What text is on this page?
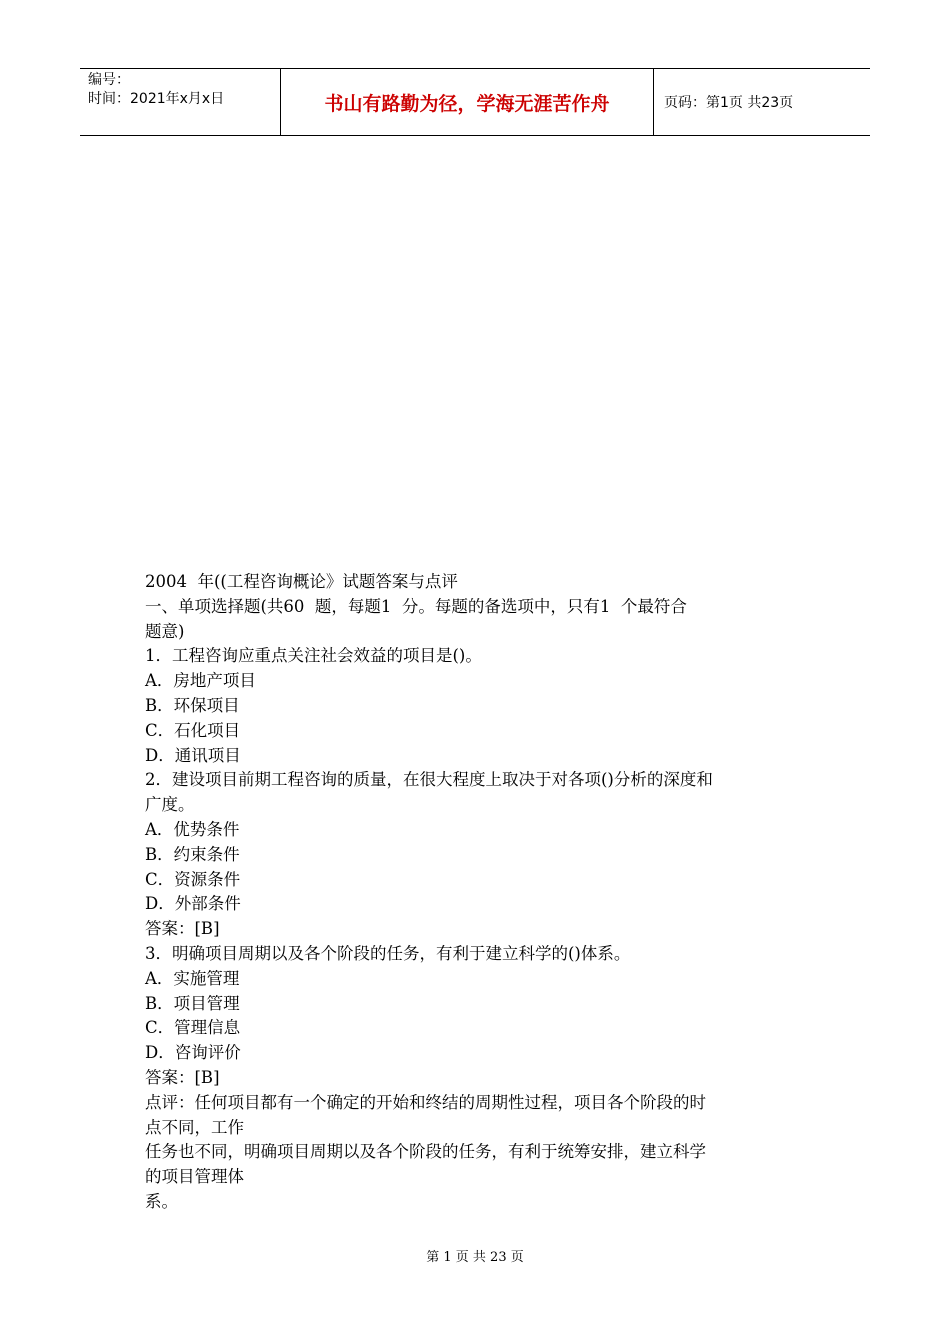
编号：
时间：2021年x月x日	书山有路勤为径，学海无涯苦作舟	页码：第1页 共23页

2004  年((工程咨询概论》试题答案与点评

一、单项选择题(共60  题，每题1  分。每题的备选项中，只有1  个最符合

题意)

1．工程咨询应重点关注社会效益的项目是()。

A．房地产项目

B．环保项目

C．石化项目

D．通讯项目

2．建设项目前期工程咨询的质量，在很大程度上取决于对各项()分析的深度和

广度。

A．优势条件

B．约束条件

C．资源条件

D．外部条件

答案：[B]

3．明确项目周期以及各个阶段的任务，有利于建立科学的()体系。

A．实施管理

B．项目管理

C．管理信息

D．咨询评价

答案：[B]

点评：任何项目都有一个确定的开始和终结的周期性过程，项目各个阶段的时

点不同，工作

任务也不同，明确项目周期以及各个阶段的任务，有利于统筹安排，建立科学

的项目管理体

系。

第 1 页 共 23 页
